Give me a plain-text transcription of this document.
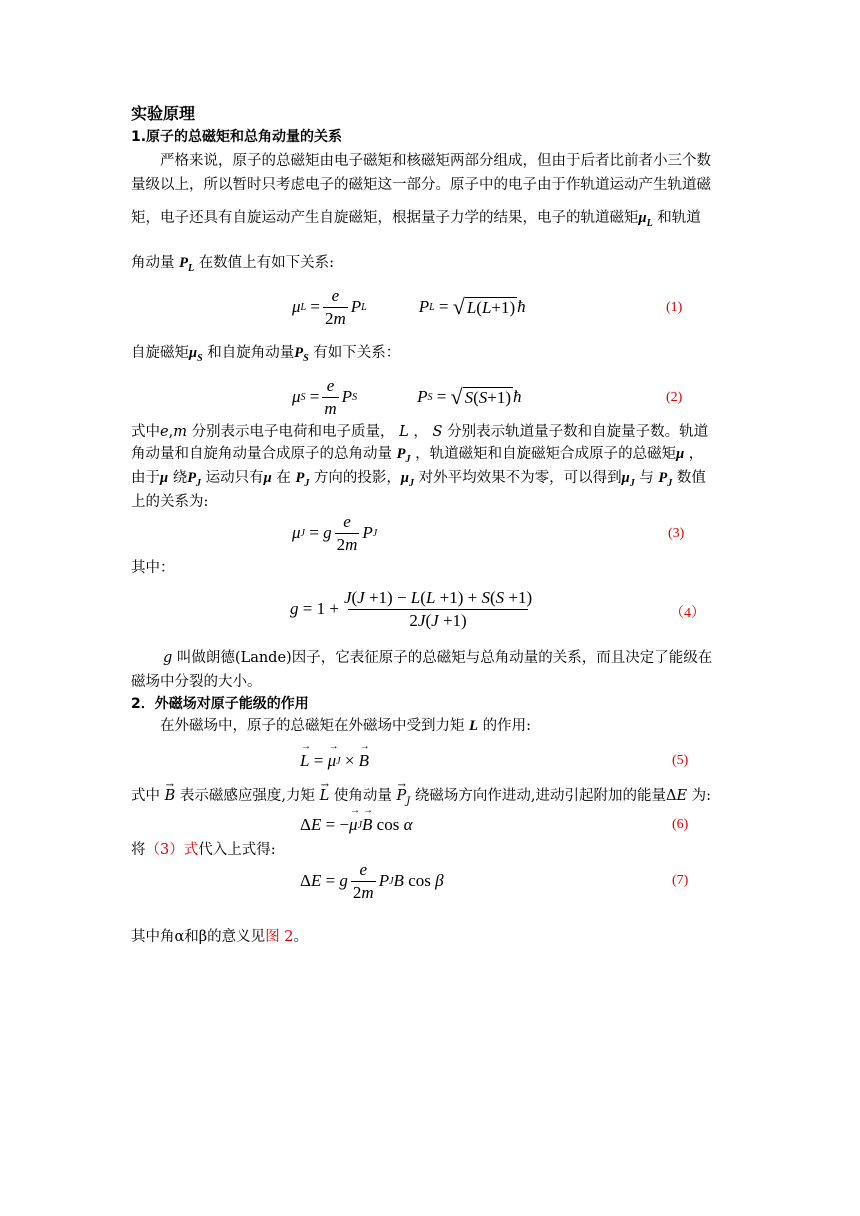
实验原理
1.原子的总磁矩和总角动量的关系
严格来说，原子的总磁矩由电子磁矩和核磁矩两部分组成，但由于后者比前者小三个数
量级以上，所以暂时只考虑电子的磁矩这一部分。原子中的电子由于作轨道运动产生轨道磁
矩，电子还具有自旋运动产生自旋磁矩，根据量子力学的结果，电子的轨道磁矩$\mu_L$ 和轨道
角动量 $P_L$ 在数值上有如下关系:
μ $L = \frac{e}{2m}$ P L	P L = √ L(L+1) ħ	(1)
自旋磁矩$\mu_S$ 和自旋角动量$P_S$ 有如下关系：
μ $S = \frac{e}{m}$ P S	P S = √ S(S+1) ħ	(2)
式中e,m 分别表示电子电荷和电子质量， L ， S 分别表示轨道量子数和自旋量子数。轨道
角动量和自旋角动量合成原子的总角动量 $P_J$ ，轨道磁矩和自旋磁矩合成原子的总磁矩μ ，
由于μ 绕$P_J$ 运动只有μ 在 $P_J$ 方向的投影，$\mu_J$ 对外平均效果不为零，可以得到$\mu_J$ 与 $P_J$ 数值
上的关系为:
μ J = g $\frac{e}{2m}$ P J	(3)
其中：
$g = 1 + \frac{J(J +1) - L(L +1) + S(S +1)}{2J(J +1)}$	（4）
g 叫做朗德(Lande)因子，它表征原子的总磁矩与总角动量的关系，而且决定了能级在
磁场中分裂的大小。
2．外磁场对原子能级的作用
在外磁场中，原子的总磁矩在外磁场中受到力矩 L 的作用:
→ L = → μ J × → B	(5)
式中 → B 表示磁感应强度,力矩 → L 使角动量 → $P_J$ 绕磁场方向作进动,进动引起附加的能量ΔE 为:
Δ E = − → μ J → B cos α	(6)
将（3）式代入上式得:
Δ E = g $\frac{e}{2m}$ P J B cos β	(7)
其中角α和β的意义见图 2。
